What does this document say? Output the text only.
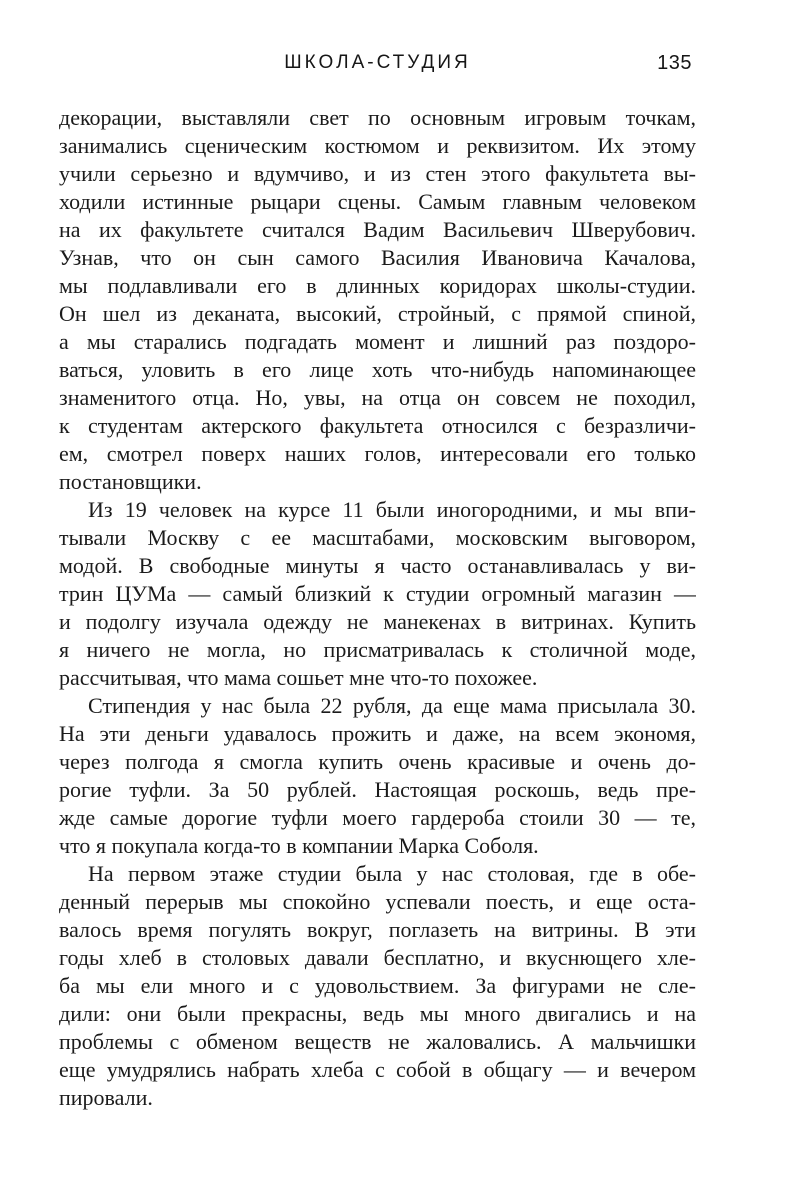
ШКОЛА-СТУДИЯ	135

декорации, выставляли свет по основным игровым точкам,
занимались сценическим костюмом и реквизитом. Их этому
учили серьезно и вдумчиво, и из стен этого факультета вы-
ходили истинные рыцари сцены. Самым главным человеком
на их факультете считался Вадим Васильевич Шверубович.
Узнав, что он сын самого Василия Ивановича Качалова,
мы подлавливали его в длинных коридорах школы-студии.
Он шел из деканата, высокий, стройный, с прямой спиной,
а мы старались подгадать момент и лишний раз поздоро-
ваться, уловить в его лице хоть что-нибудь напоминающее
знаменитого отца. Но, увы, на отца он совсем не походил,
к студентам актерского факультета относился с безразличи-
ем, смотрел поверх наших голов, интересовали его только
постановщики.

Из 19 человек на курсе 11 были иногородними, и мы впи-
тывали Москву с ее масштабами, московским выговором,
модой. В свободные минуты я часто останавливалась у ви-
трин ЦУМа — самый близкий к студии огромный магазин —
и подолгу изучала одежду не манекенах в витринах. Купить
я ничего не могла, но присматривалась к столичной моде,
рассчитывая, что мама сошьет мне что-то похожее.

Стипендия у нас была 22 рубля, да еще мама присылала 30.
На эти деньги удавалось прожить и даже, на всем экономя,
через полгода я смогла купить очень красивые и очень до-
рогие туфли. За 50 рублей. Настоящая роскошь, ведь пре-
жде самые дорогие туфли моего гардероба стоили 30 — те,
что я покупала когда-то в компании Марка Соболя.

На первом этаже студии была у нас столовая, где в обе-
денный перерыв мы спокойно успевали поесть, и еще оста-
валось время погулять вокруг, поглазеть на витрины. В эти
годы хлеб в столовых давали бесплатно, и вкуснющего хле-
ба мы ели много и с удовольствием. За фигурами не сле-
дили: они были прекрасны, ведь мы много двигались и на
проблемы с обменом веществ не жаловались. А мальчишки
еще умудрялись набрать хлеба с собой в общагу — и вечером
пировали.
